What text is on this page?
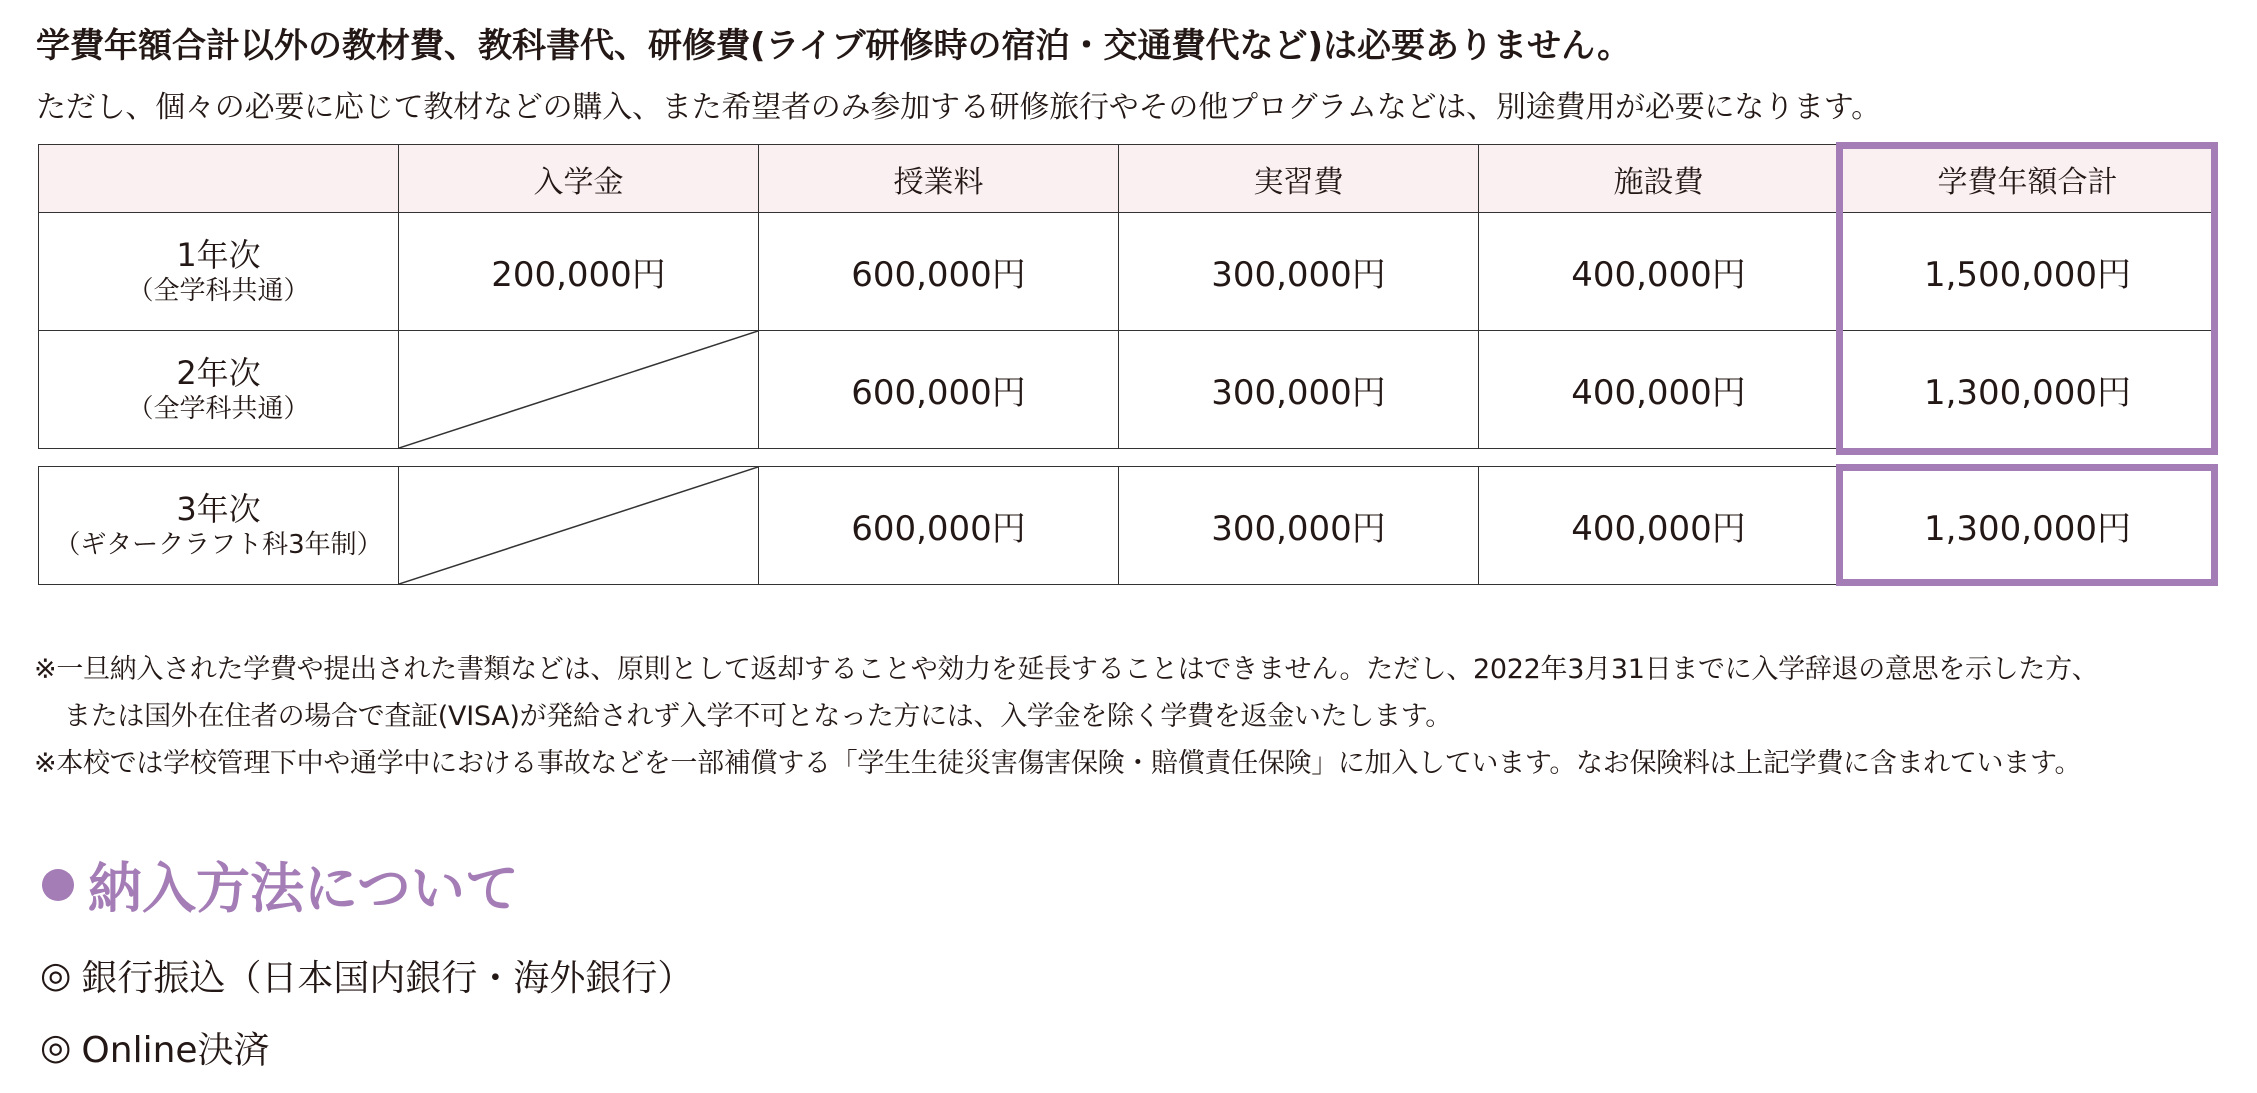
学費年額合計以外の教材費、教科書代、研修費(ライブ研修時の宿泊・交通費代など)は必要ありません。
ただし、個々の必要に応じて教材などの購入、また希望者のみ参加する研修旅行やその他プログラムなどは、別途費用が必要になります。
	入学金	授業料	実習費	施設費	学費年額合計

1年次
（全学科共通）	200,000円	600,000円	300,000円	400,000円	1,500,000円

2年次
（全学科共通）		600,000円	300,000円	400,000円	1,300,000円
3年次
（ギタークラフト科3年制）		600,000円	300,000円	400,000円	1,300,000円
※一旦納入された学費や提出された書類などは、原則として返却することや効力を延長することはできません。ただし、2022年3月31日までに入学辞退の意思を示した方、
または国外在住者の場合で査証(VISA)が発給されず入学不可となった方には、入学金を除く学費を返金いたします。
※本校では学校管理下中や通学中における事故などを一部補償する「学生生徒災害傷害保険・賠償責任保険」に加入しています。なお保険料は上記学費に含まれています。
納入方法について
◎ 銀行振込（日本国内銀行・海外銀行）
◎ Online決済
